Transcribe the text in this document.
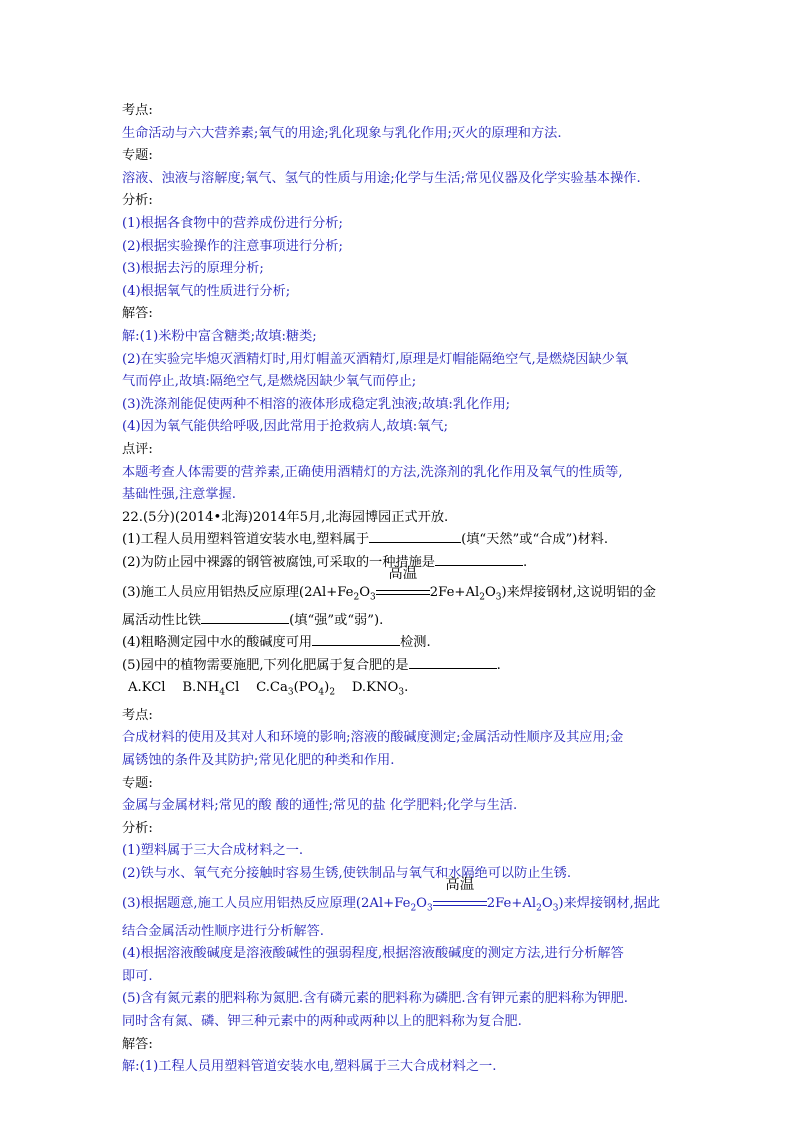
考点:
生命活动与六大营养素;氧气的用途;乳化现象与乳化作用;灭火的原理和方法.
专题:
溶液、浊液与溶解度;氧气、氢气的性质与用途;化学与生活;常见仪器及化学实验基本操作.
分析:
(1)根据各食物中的营养成份进行分析;
(2)根据实验操作的注意事项进行分析;
(3)根据去污的原理分析;
(4)根据氧气的性质进行分析;
解答:
解:(1)米粉中富含糖类;故填:糖类;
(2)在实验完毕熄灭酒精灯时,用灯帽盖灭酒精灯,原理是灯帽能隔绝空气,是燃烧因缺少氧
气而停止,故填:隔绝空气,是燃烧因缺少氧气而停止;
(3)洗涤剂能促使两种不相溶的液体形成稳定乳浊液;故填:乳化作用;
(4)因为氧气能供给呼吸,因此常用于抢救病人,故填:氧气;
点评:
本题考查人体需要的营养素,正确使用酒精灯的方法,洗涤剂的乳化作用及氧气的性质等,
基础性强,注意掌握.
22.(5分)(2014•北海)2014年5月,北海园博园正式开放.
(1)工程人员用塑料管道安装水电,塑料属于	(填“天然”或“合成”)材料.
(2)为防止园中裸露的钢管被腐蚀,可采取的一种措施是	.
(3)施工人员应用铝热反应原理($2Al+Fe_2O_3$
高温
$2Fe+Al_2O_3$)来焊接钢材,这说明铝的金
属活动性比铁	(填“强”或“弱”).
(4)粗略测定园中水的酸碱度可用	检测.
(5)园中的植物需要施肥,下列化肥属于复合肥的是	.
A.KCl $B.NH_4Cl$ $C.Ca_3(PO_4)_2$ $D.KNO_3$.
考点:
合成材料的使用及其对人和环境的影响;溶液的酸碱度测定;金属活动性顺序及其应用;金
属锈蚀的条件及其防护;常见化肥的种类和作用.
专题:
金属与金属材料;常见的酸 酸的通性;常见的盐 化学肥料;化学与生活.
分析:
(1)塑料属于三大合成材料之一.
(2)铁与水、氧气充分接触时容易生锈,使铁制品与氧气和水隔绝可以防止生锈.
(3)根据题意,施工人员应用铝热反应原理($2Al+Fe_2O_3$
高温
$2Fe+Al_2O_3$)来焊接钢材,据此
结合金属活动性顺序进行分析解答.
(4)根据溶液酸碱度是溶液酸碱性的强弱程度,根据溶液酸碱度的测定方法,进行分析解答
即可.
(5)含有氮元素的肥料称为氮肥.含有磷元素的肥料称为磷肥.含有钾元素的肥料称为钾肥.
同时含有氮、磷、钾三种元素中的两种或两种以上的肥料称为复合肥.
解答:
解:(1)工程人员用塑料管道安装水电,塑料属于三大合成材料之一.
